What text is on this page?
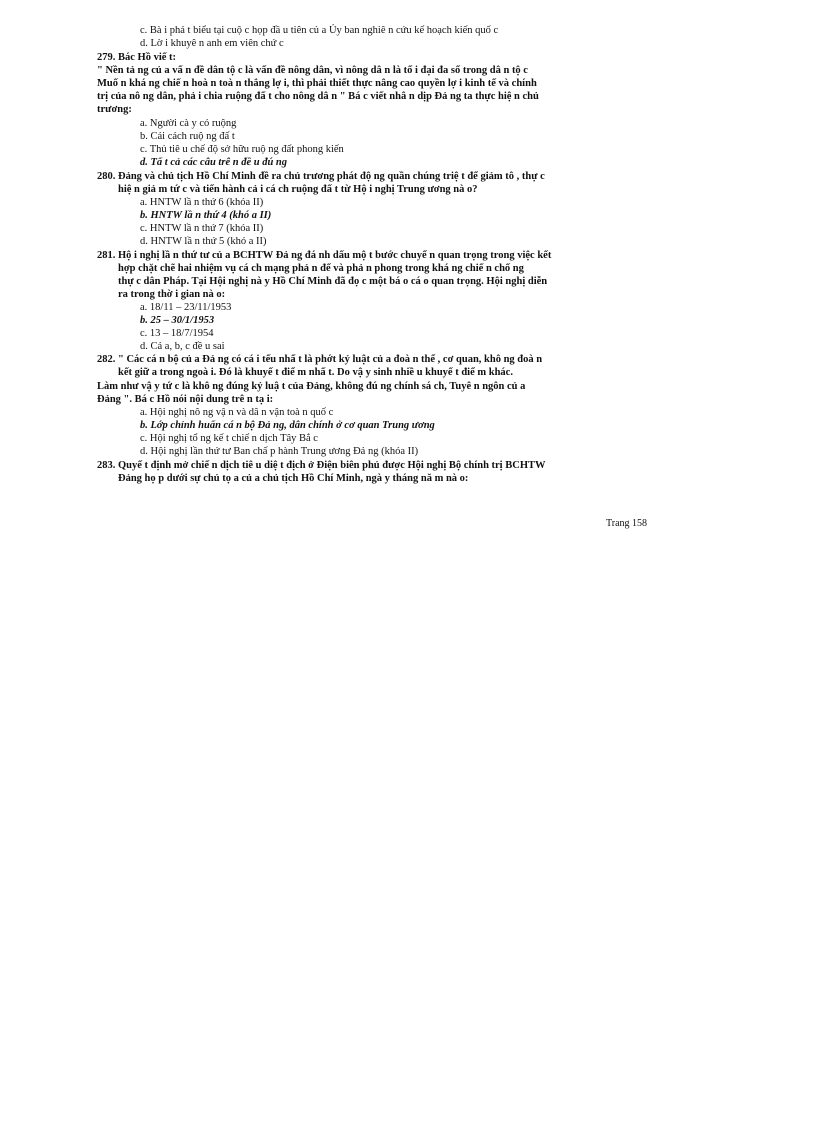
c. Bà i phá t biểu tại cuộ c họp đầ u tiên củ a Ủy ban nghiê n cứu kế hoạch kiến quố c
d. Lờ i khuyê n anh em viên chứ c
279. Bác Hồ viế t:
" Nền tả ng củ a vấ n đề dân tộ c là vấn đề nông dân, vì nông dâ n là tố i đại đa số trong dâ n tộ c
Muố n khá ng chiế n hoà n toà n thắng lợ i, thì phải thiết thực nâng cao quyền lợ i kinh tế và chính
trị của nô ng dân, phả i chia ruộng đấ t cho nông dâ n " Bá c viết nhâ n dịp Đả ng ta thực hiệ n chủ
trương:
a. Người cà y có ruộng
b. Cải cách ruộ ng đấ t
c. Thủ tiê u chế độ sở hữu ruộ ng đất phong kiến
d. Tấ t cả các câu trê n đề u đú ng
280. Đảng và chủ tịch Hồ Chí Minh đề ra chủ trương phát độ ng quần chúng triệ t để giảm tô , thự c
hiệ n giả m tứ c và tiến hành cả i cá ch ruộng đấ t từ Hộ i nghị Trung ương nà o?
a. HNTW lầ n thứ 6 (khóa II)
b. HNTW lầ n thứ 4 (khó a II)
c. HNTW lầ n thứ 7 (khóa II)
d. HNTW lầ n thứ 5 (khó a II)
281. Hộ i nghị lầ n thứ tư củ a BCHTW Đả ng đá nh dấu mộ t bước chuyể n quan trọng trong việc kết
hợp chặt chẽ hai nhiệm vụ cá ch mạng phả n đế và phả n phong trong khá ng chiế n chố ng
thự c dân Pháp. Tại Hội nghị nà y Hồ Chí Minh đã đọ c một bá o cá o quan trọng. Hội nghị diễn
ra trong thờ i gian nà o:
a. 18/11 – 23/11/1953
b. 25 – 30/1/1953
c. 13 – 18/7/1954
d. Cả a, b, c đề u sai
282. " Các cá n bộ củ a Đả ng có cá i tếu nhấ t là phớt kỷ luật củ a đoà n thể , cơ quan, khô ng đoà n
kết giữ a trong ngoà i. Đó là khuyế t điể m nhấ t. Do vậ y sinh nhiề u khuyế t điể m khác.
Làm như vậ y tứ c là khô ng đúng kỷ luậ t của Đảng, không đú ng chính sá ch, Tuyê n ngôn củ a
Đảng ". Bá c Hồ nói nội dung trê n tạ i:
a. Hội nghị nô ng vậ n và dâ n vận toà n quố c
b. Lớp chỉnh huấn cá n bộ Đả ng, dân chính ở cơ quan Trung ương
c. Hội nghị tổ ng kế t chiế n dịch Tây Bắ c
d. Hội nghị lần thứ tư Ban chấ p hành Trung ương Đả ng (khóa II)
283. Quyế t định mở chiế n dịch tiê u diệ t địch ở Điện biên phủ được Hội nghị Bộ chính trị BCHTW
Đảng họ p dưới sự chủ tọ a củ a chủ tịch Hồ Chí Minh, ngà y tháng nă m nà o:
Trang 158
